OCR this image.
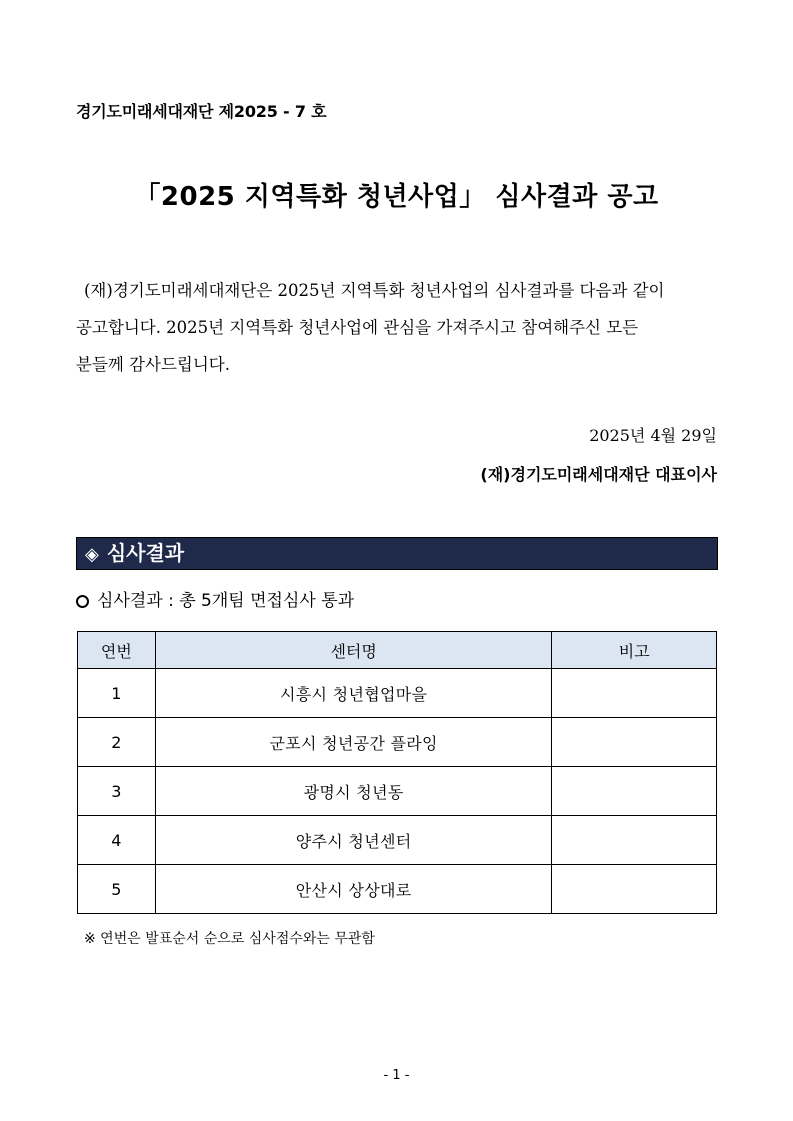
경기도미래세대재단 제2025 - 7 호
「2025 지역특화 청년사업」 심사결과 공고
(재)경기도미래세대재단은 2025년 지역특화 청년사업의 심사결과를 다음과 같이
공고합니다. 2025년 지역특화 청년사업에 관심을 가져주시고 참여해주신 모든
분들께 감사드립니다.
2025년 4월 29일
(재)경기도미래세대재단 대표이사
◈ 심사결과
심사결과 : 총 5개팀 면접심사 통과
연번	센터명	비고
1	시흥시 청년협업마을	
2	군포시 청년공간 플라잉	
3	광명시 청년동	
4	양주시 청년센터	
5	안산시 상상대로	
※ 연번은 발표순서 순으로 심사점수와는 무관함
- 1 -
